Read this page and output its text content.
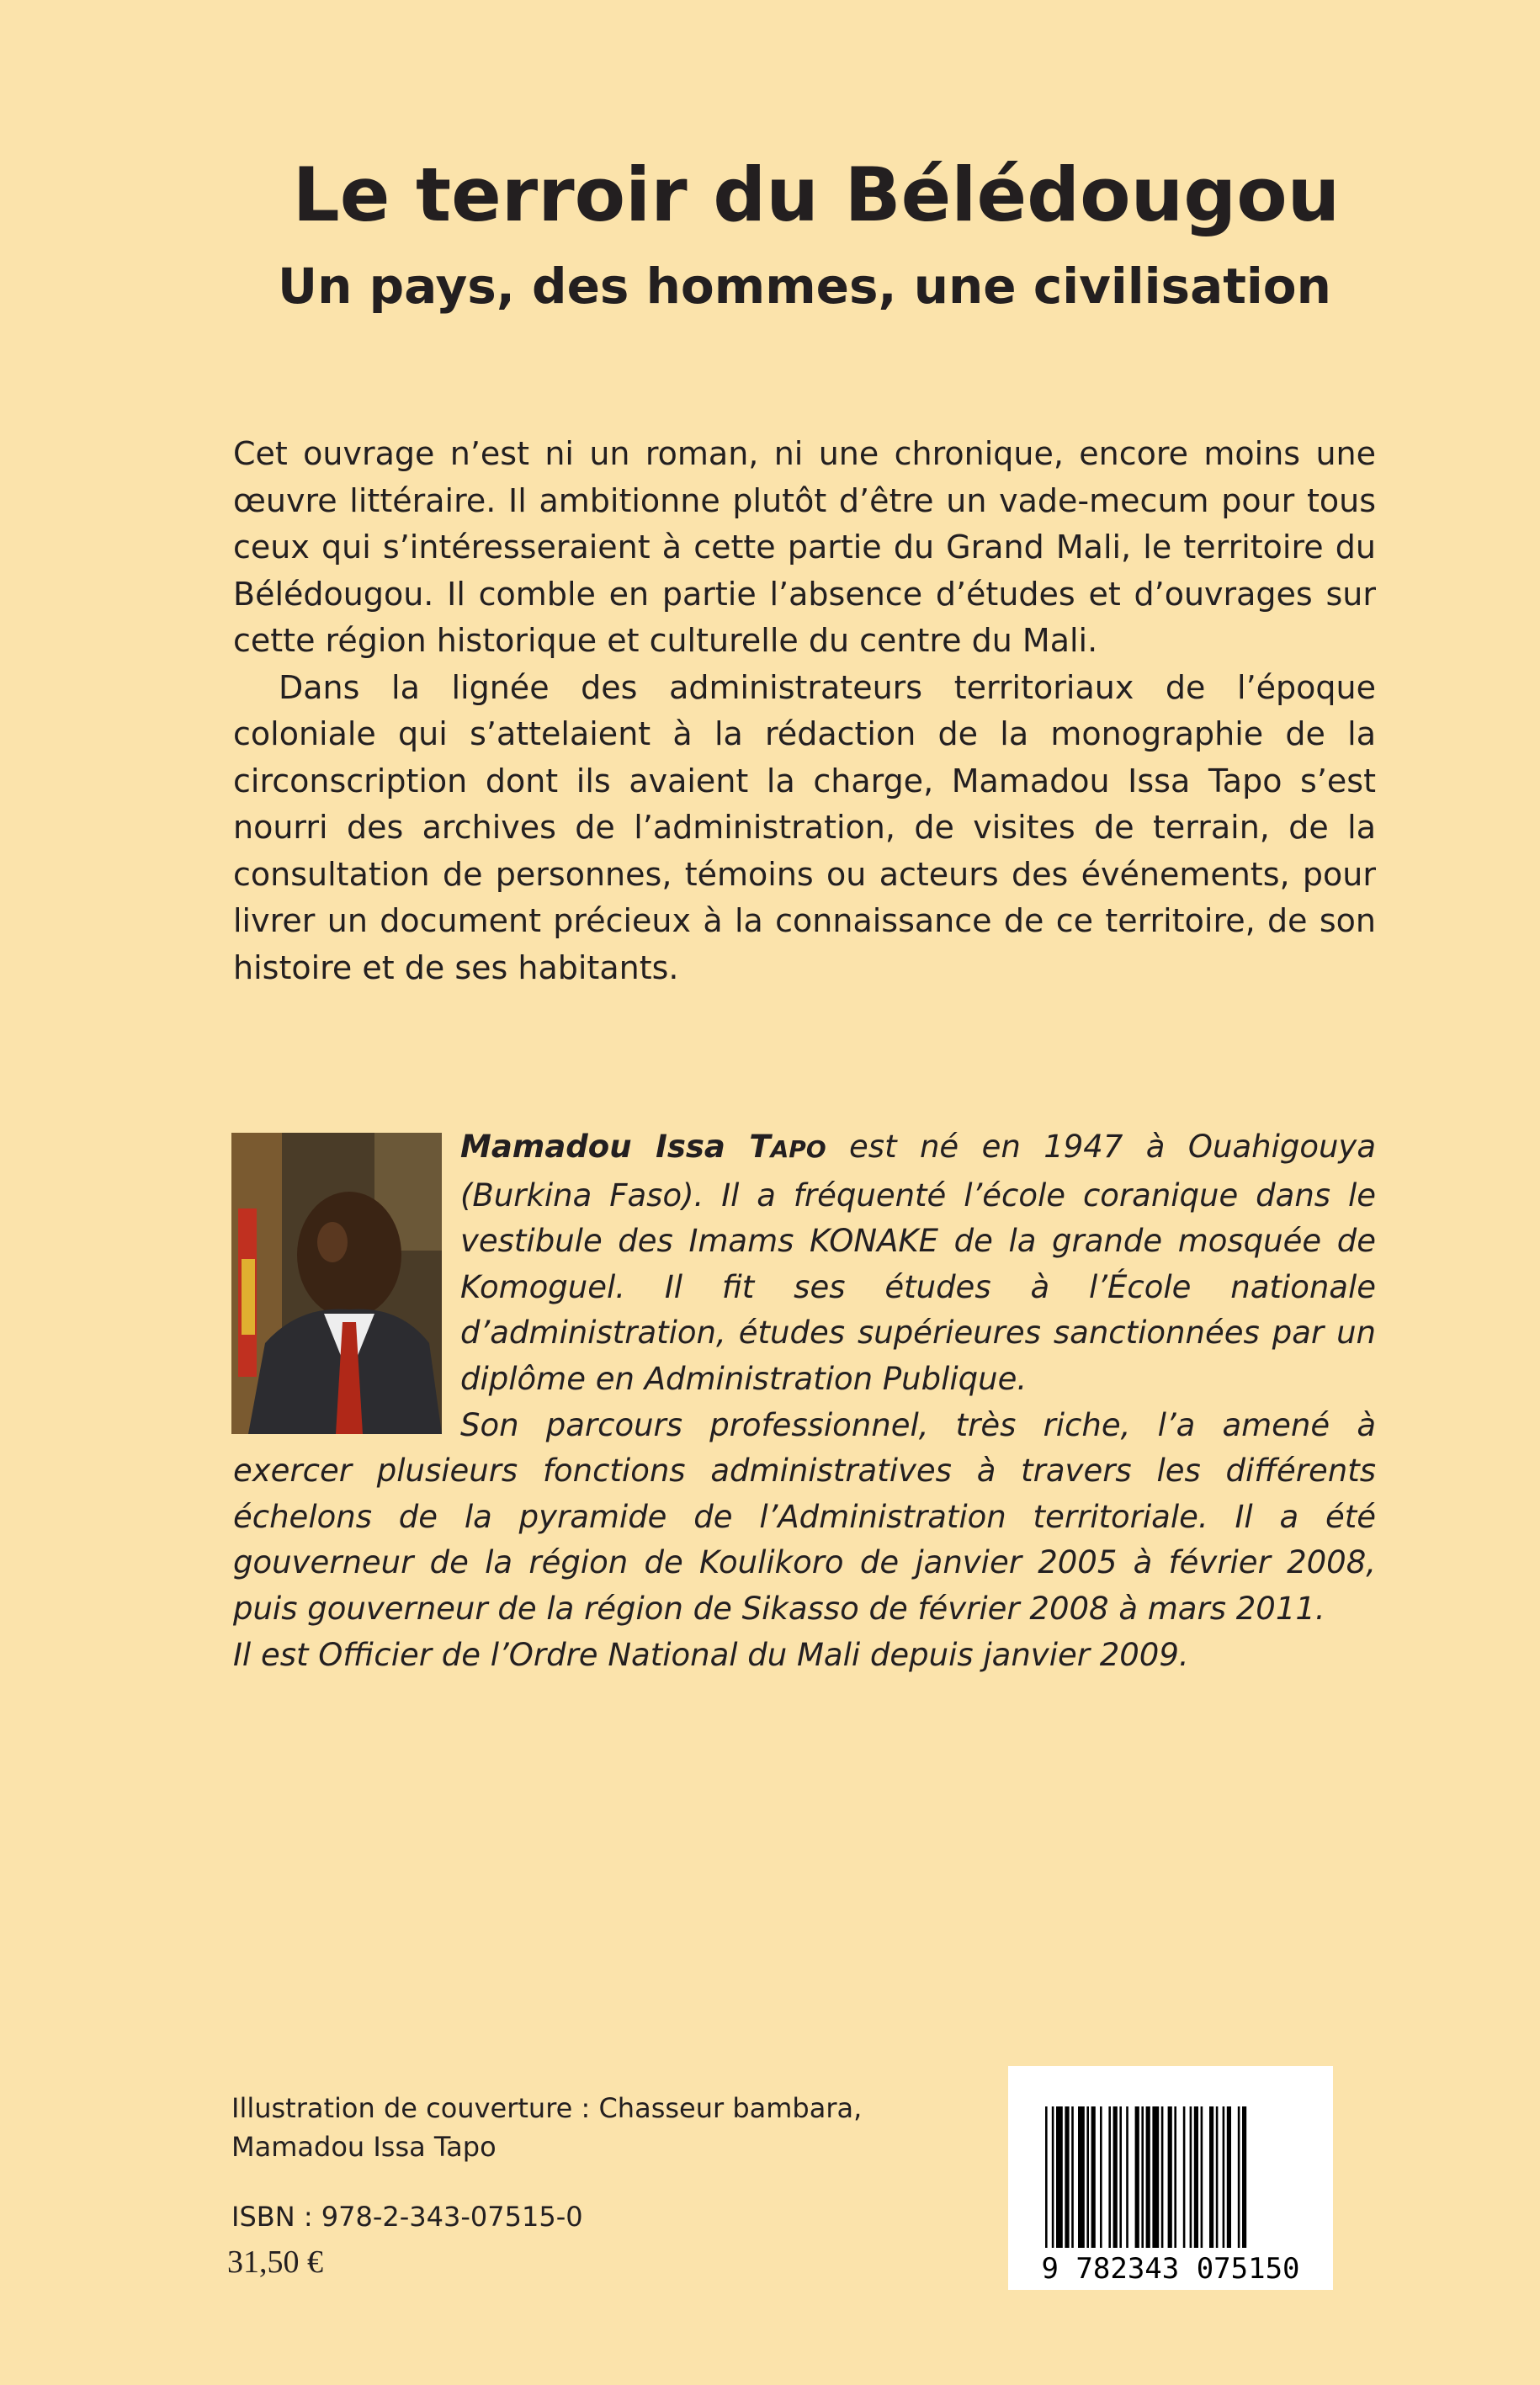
Le terroir du Bélédougou
Un pays, des hommes, une civilisation

Cet ouvrage n’est ni un roman, ni une chronique, encore moins une œuvre littéraire. Il ambitionne plutôt d’être un vade-mecum pour tous ceux qui s’intéresseraient à cette partie du Grand Mali, le territoire du Bélédougou. Il comble en partie l’absence d’études et d’ouvrages sur cette région historique et culturelle du centre du Mali.

Dans la lignée des administrateurs territoriaux de l’époque coloniale qui s’attelaient à la rédaction de la monographie de la circonscription dont ils avaient la charge, Mamadou Issa Tapo s’est nourri des archives de l’administration, de visites de terrain, de la consultation de personnes, témoins ou acteurs des événements, pour livrer un document précieux à la connaissance de ce territoire, de son histoire et de ses habitants.

Mamadou Issa TAPO est né en 1947 à Ouahigouya (Burkina Faso). Il a fréquenté l’école coranique dans le vestibule des Imams KONAKE de la grande mosquée de Komoguel. Il fit ses études à l’École nationale d’administration, études supérieures sanctionnées par un diplôme en Administration Publique.

Son parcours professionnel, très riche, l’a amené à exercer plusieurs fonctions administratives à travers les différents échelons de la pyramide de l’Administration territoriale. Il a été gouverneur de la région de Koulikoro de janvier 2005 à février 2008, puis gouverneur de la région de Sikasso de février 2008 à mars 2011.

Il est Officier de l’Ordre National du Mali depuis janvier 2009.

Illustration de couverture : Chasseur bambara,
Mamadou Issa Tapo
ISBN : 978-2-343-07515-0
31,50 €	9 782343 075150
